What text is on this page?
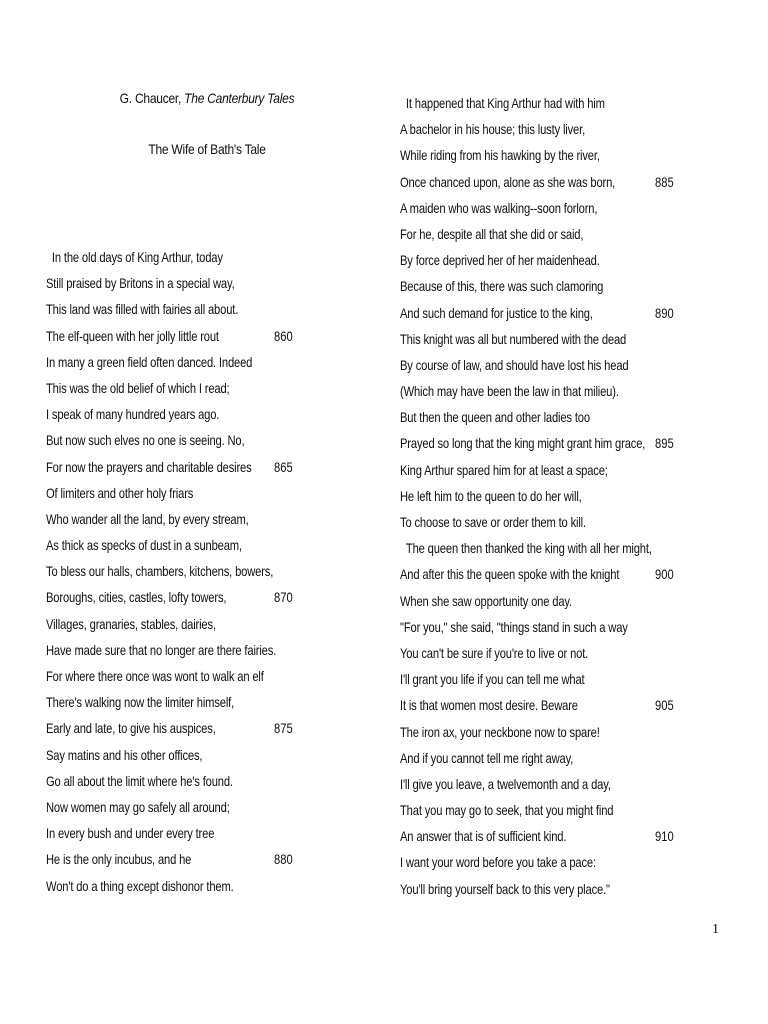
G. Chaucer, The Canterbury Tales
The Wife of Bath's Tale
In the old days of King Arthur, today
Still praised by Britons in a special way,
This land was filled with fairies all about.
The elf-queen with her jolly little rout	860
In many a green field often danced. Indeed
This was the old belief of which I read;
I speak of many hundred years ago.
But now such elves no one is seeing. No,
For now the prayers and charitable desires 865
Of limiters and other holy friars
Who wander all the land, by every stream,
As thick as specks of dust in a sunbeam,
To bless our halls, chambers, kitchens, bowers,
Boroughs, cities, castles, lofty towers,	870
Villages, granaries, stables, dairies,
Have made sure that no longer are there fairies.
For where there once was wont to walk an elf
There's walking now the limiter himself,
Early and late, to give his auspices,	875
Say matins and his other offices,
Go all about the limit where he's found.
Now women may go safely all around;
In every bush and under every tree
He is the only incubus, and he	880
Won't do a thing except dishonor them.
It happened that King Arthur had with him
A bachelor in his house; this lusty liver,
While riding from his hawking by the river,
Once chanced upon, alone as she was born,	885
A maiden who was walking--soon forlorn,
For he, despite all that she did or said,
By force deprived her of her maidenhead.
Because of this, there was such clamoring
And such demand for justice to the king,	890
This knight was all but numbered with the dead
By course of law, and should have lost his head
(Which may have been the law in that milieu).
But then the queen and other ladies too
Prayed so long that the king might grant him grace, 895
King Arthur spared him for at least a space;
He left him to the queen to do her will,
To choose to save or order them to kill.
The queen then thanked the king with all her might,
And after this the queen spoke with the knight	900
When she saw opportunity one day.
"For you," she said, "things stand in such a way
You can't be sure if you're to live or not.
I'll grant you life if you can tell me what
It is that women most desire. Beware	905
The iron ax, your neckbone now to spare!
And if you cannot tell me right away,
I'll give you leave, a twelvemonth and a day,
That you may go to seek, that you might find
An answer that is of sufficient kind.	910
I want your word before you take a pace:
You'll bring yourself back to this very place."
1
